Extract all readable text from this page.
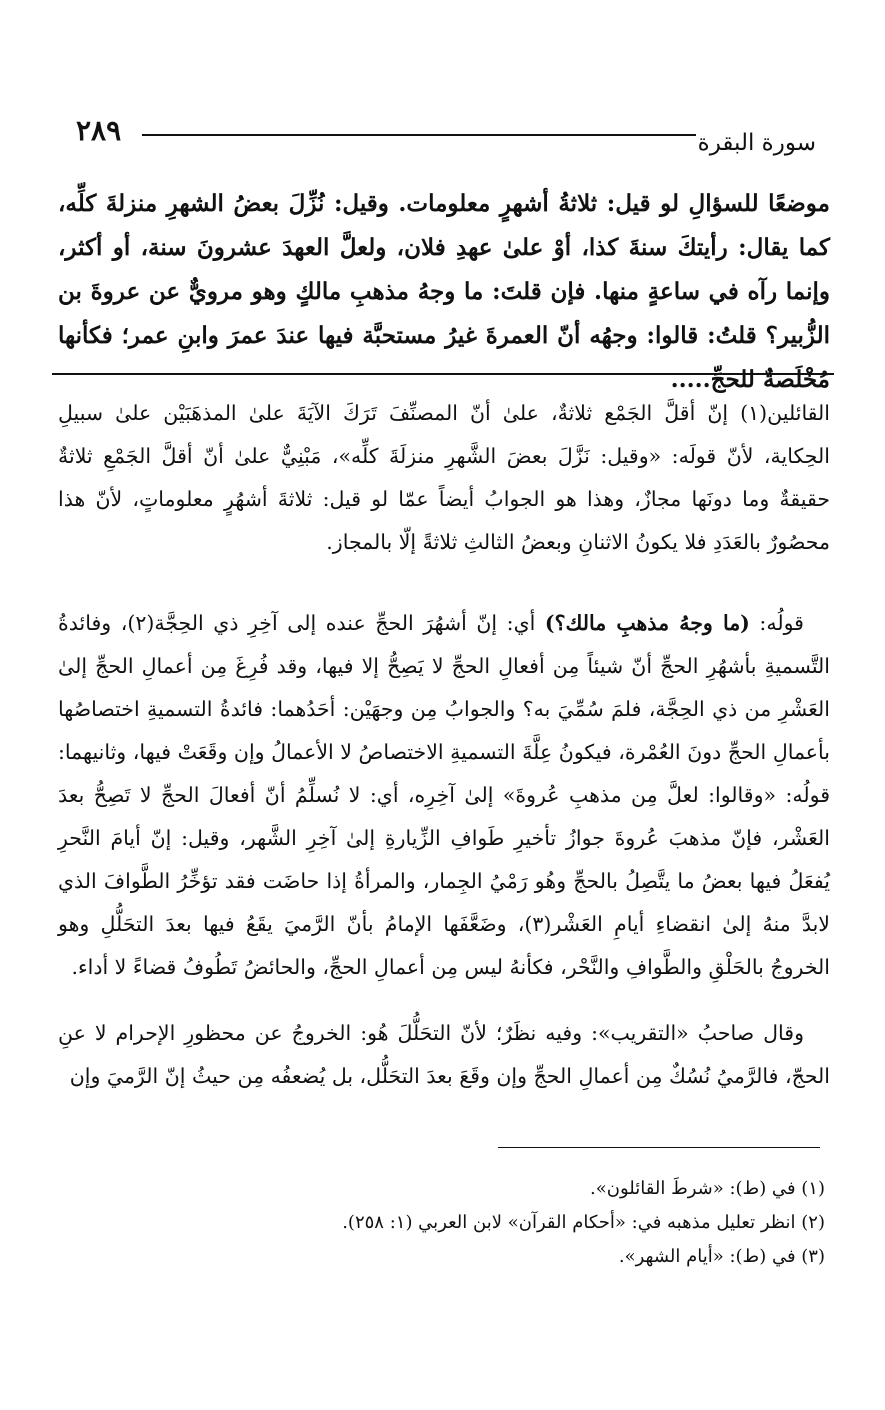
٢٨٩	سورة البقرة
موضعًا للسؤالِ لو قيل: ثلاثةُ أشهرٍ معلومات. وقيل: نُزِّلَ بعضُ الشهرِ منزلةَ كلِّه، كما يقال: رأيتكَ سنةَ كذا، أوْ علىٰ عهدِ فلان، ولعلَّ العهدَ عشرونَ سنة، أو أكثر، وإنما رآه في ساعةٍ منها. فإن قلتَ: ما وجهُ مذهبِ مالكٍ وهو مرويٌّ عن عروةَ بن الزُّبير؟ قلتُ: قالوا: وجهُه أنّ العمرةَ غيرُ مستحبَّة فيها عندَ عمرَ وابنِ عمر؛ فكأنها مُخْلَصةٌ للحجِّ.....

القائلين(١) إنّ أقلَّ الجَمْع ثلاثةٌ، علىٰ أنّ المصنِّفَ تَرَكَ الآيَةَ علىٰ المذهَبَيْن علىٰ سبيلِ الحِكاية، لأنّ قولَه: «وقيل: نَزَّلَ بعضَ الشَّهرِ منزلَةَ كلِّه»، مَبْنِيٌّ علىٰ أنّ أقلَّ الجَمْعِ ثلاثةٌ حقيقةٌ وما دونَها مجازٌ، وهذا هو الجوابُ أيضاً عمّا لو قيل: ثلاثةَ أشهُرٍ معلوماتٍ، لأنّ هذا محصُورٌ بالعَدَدِ فلا يكونُ الاثنانِ وبعضُ الثالثِ ثلاثةً إلّا بالمجاز.

قولُه: (ما وجهُ مذهبِ مالك؟) أي: إنّ أشهُرَ الحجِّ عنده إلى آخِرِ ذي الحِجَّة(٢)، وفائدةُ التَّسميةِ بأشهُرِ الحجِّ أنّ شيئاً مِن أفعالِ الحجِّ لا يَصِحُّ إلا فيها، وقد فُرِغَ مِن أعمالِ الحجِّ إلىٰ العَشْرِ من ذي الحِجَّة، فلمَ سُمِّيَ به؟ والجوابُ مِن وجهَيْن: أحَدُهما: فائدةُ التسميةِ اختصاصُها بأعمالِ الحجِّ دونَ العُمْرة، فيكونُ عِلَّةَ التسميةِ الاختصاصُ لا الأعمالُ وإن وقَعَتْ فيها، وثانيهما: قولُه: «وقالوا: لعلَّ مِن مذهبِ عُروةَ» إلىٰ آخِرِه، أي: لا نُسلِّمُ أنّ أفعالَ الحجِّ لا تَصِحُّ بعدَ العَشْر، فإنّ مذهبَ عُروةَ جوازُ تأخيرِ طَوافِ الزِّيارةِ إلىٰ آخِرِ الشَّهر، وقيل: إنّ أيامَ النَّحرِ يُفعَلُ فيها بعضُ ما يتَّصِلُ بالحجِّ وهُو رَمْيُ الجِمار، والمرأةُ إذا حاضَت فقد تؤخِّرُ الطَّوافَ الذي لابدَّ منهُ إلىٰ انقضاءِ أيامِ العَشْر(٣)، وضَعَّفَها الإمامُ بأنّ الرَّميَ يقَعُ فيها بعدَ التحَلُّلِ وهو الخروجُ بالحَلْقِ والطَّوافِ والنَّحْر، فكأنهُ ليس مِن أعمالِ الحجِّ، والحائضُ تَطُوفُ قضاءً لا أداء.

وقال صاحبُ «التقريب»: وفيه نظَرٌ؛ لأنّ التحَلُّلَ هُو: الخروجُ عن محظورِ الإحرام لا عنِ الحجّ، فالرَّميُ نُسُكٌ مِن أعمالِ الحجِّ وإن وقَعَ بعدَ التحَلُّل، بل يُضعفُه مِن حيثُ إنّ الرَّميَ وإن

(١) في (ط): «شرطَ القائلون».
(٢) انظر تعليل مذهبه في: «أحكام القرآن» لابن العربي (١: ٢٥٨).
(٣) في (ط): «أيام الشهر».
